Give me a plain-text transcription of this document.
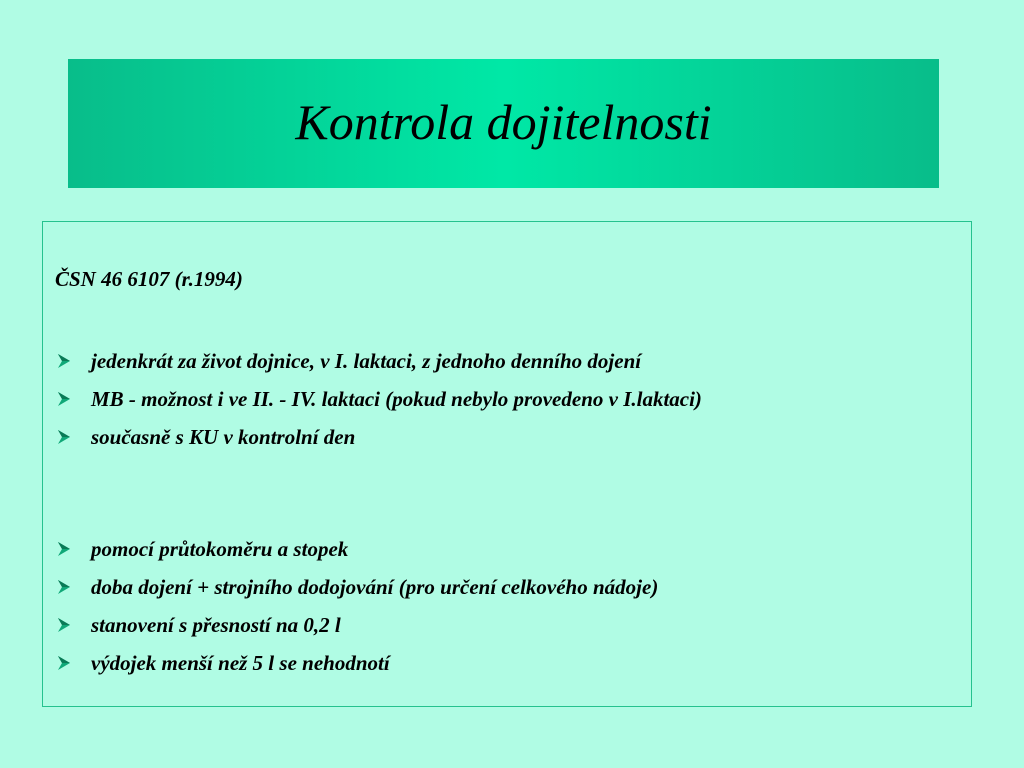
Kontrola dojitelnosti
ČSN 46 6107 (r.1994)
jedenkrát za život dojnice, v I. laktaci, z jednoho denního dojení
MB - možnost i ve II. - IV. laktaci (pokud nebylo provedeno v I.laktaci)
současně s KU v kontrolní den
pomocí průtokoměru a stopek
doba dojení + strojního dodojování (pro určení celkového nádoje)
stanovení s přesností na 0,2 l
výdojek menší než 5 l se nehodnotí
